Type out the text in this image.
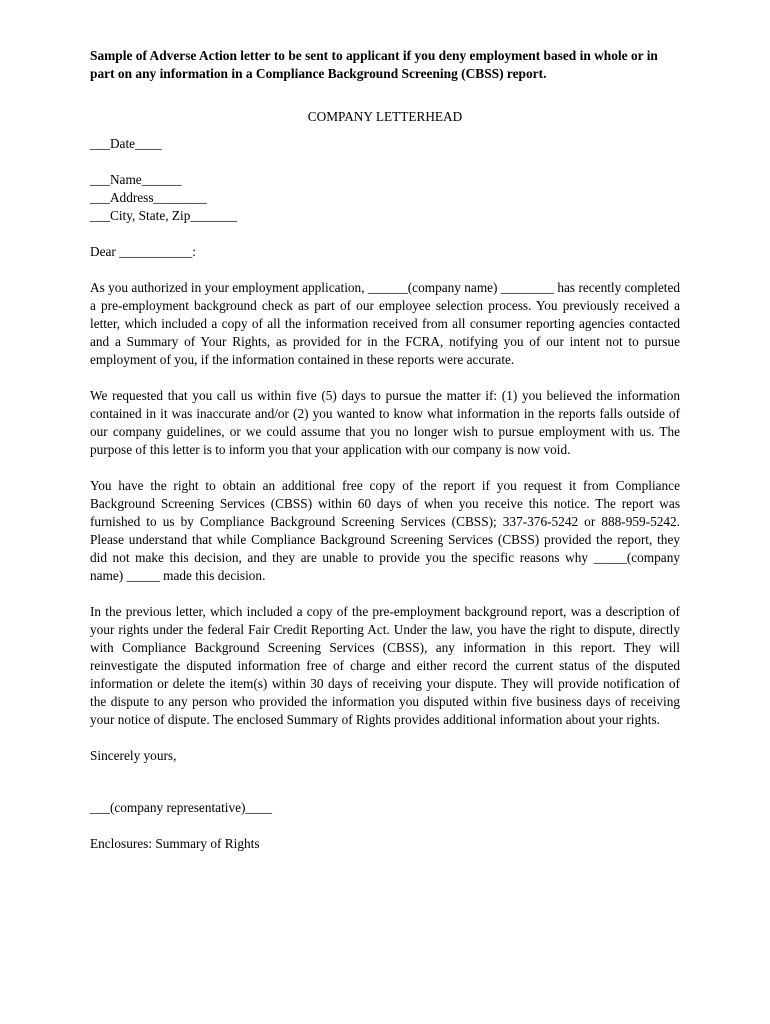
Sample of Adverse Action letter to be sent to applicant if you deny employment based in whole or in part on any information in a Compliance Background Screening (CBSS) report.

COMPANY LETTERHEAD

___Date____

___Name______
___Address________
___City, State, Zip_______

Dear ___________:

As you authorized in your employment application, ______(company name) ________ has recently completed a pre-employment background check as part of our employee selection process. You previously received a letter, which included a copy of all the information received from all consumer reporting agencies contacted and a Summary of Your Rights, as provided for in the FCRA, notifying you of our intent not to pursue employment of you, if the information contained in these reports were accurate.

We requested that you call us within five (5) days to pursue the matter if: (1) you believed the information contained in it was inaccurate and/or (2) you wanted to know what information in the reports falls outside of our company guidelines, or we could assume that you no longer wish to pursue employment with us. The purpose of this letter is to inform you that your application with our company is now void.

You have the right to obtain an additional free copy of the report if you request it from Compliance Background Screening Services (CBSS) within 60 days of when you receive this notice. The report was furnished to us by Compliance Background Screening Services (CBSS); 337-376-5242 or 888-959-5242. Please understand that while Compliance Background Screening Services (CBSS) provided the report, they did not make this decision, and they are unable to provide you the specific reasons why _____(company name) _____ made this decision.

In the previous letter, which included a copy of the pre-employment background report, was a description of your rights under the federal Fair Credit Reporting Act. Under the law, you have the right to dispute, directly with Compliance Background Screening Services (CBSS), any information in this report. They will reinvestigate the disputed information free of charge and either record the current status of the disputed information or delete the item(s) within 30 days of receiving your dispute. They will provide notification of the dispute to any person who provided the information you disputed within five business days of receiving your notice of dispute. The enclosed Summary of Rights provides additional information about your rights.

Sincerely yours,

___(company representative)____

Enclosures: Summary of Rights
